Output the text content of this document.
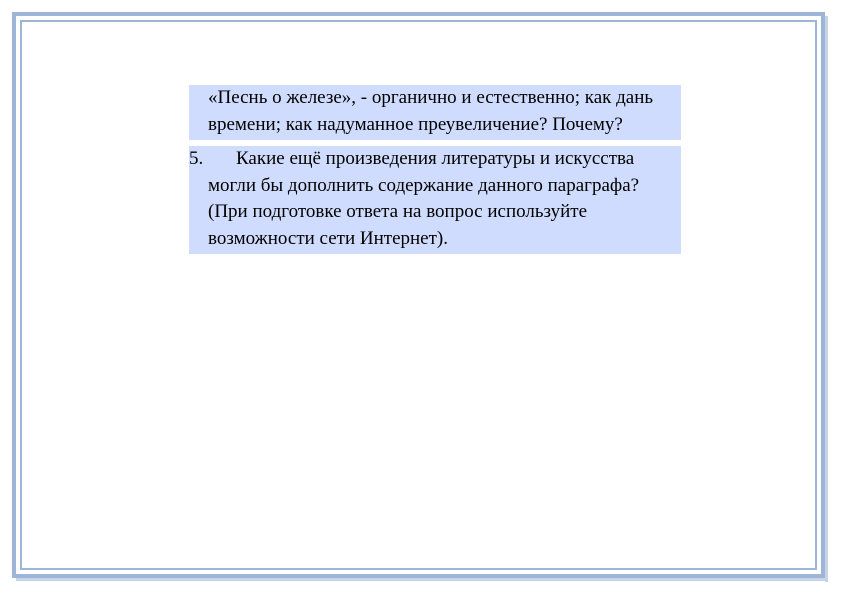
«Песнь о железе», - органично и естественно; как дань времени; как надуманное преувеличение? Почему?
5.	Какие ещё произведения литературы и искусства могли бы дополнить содержание данного параграфа? (При подготовке ответа на вопрос используйте возможности сети Интернет).
